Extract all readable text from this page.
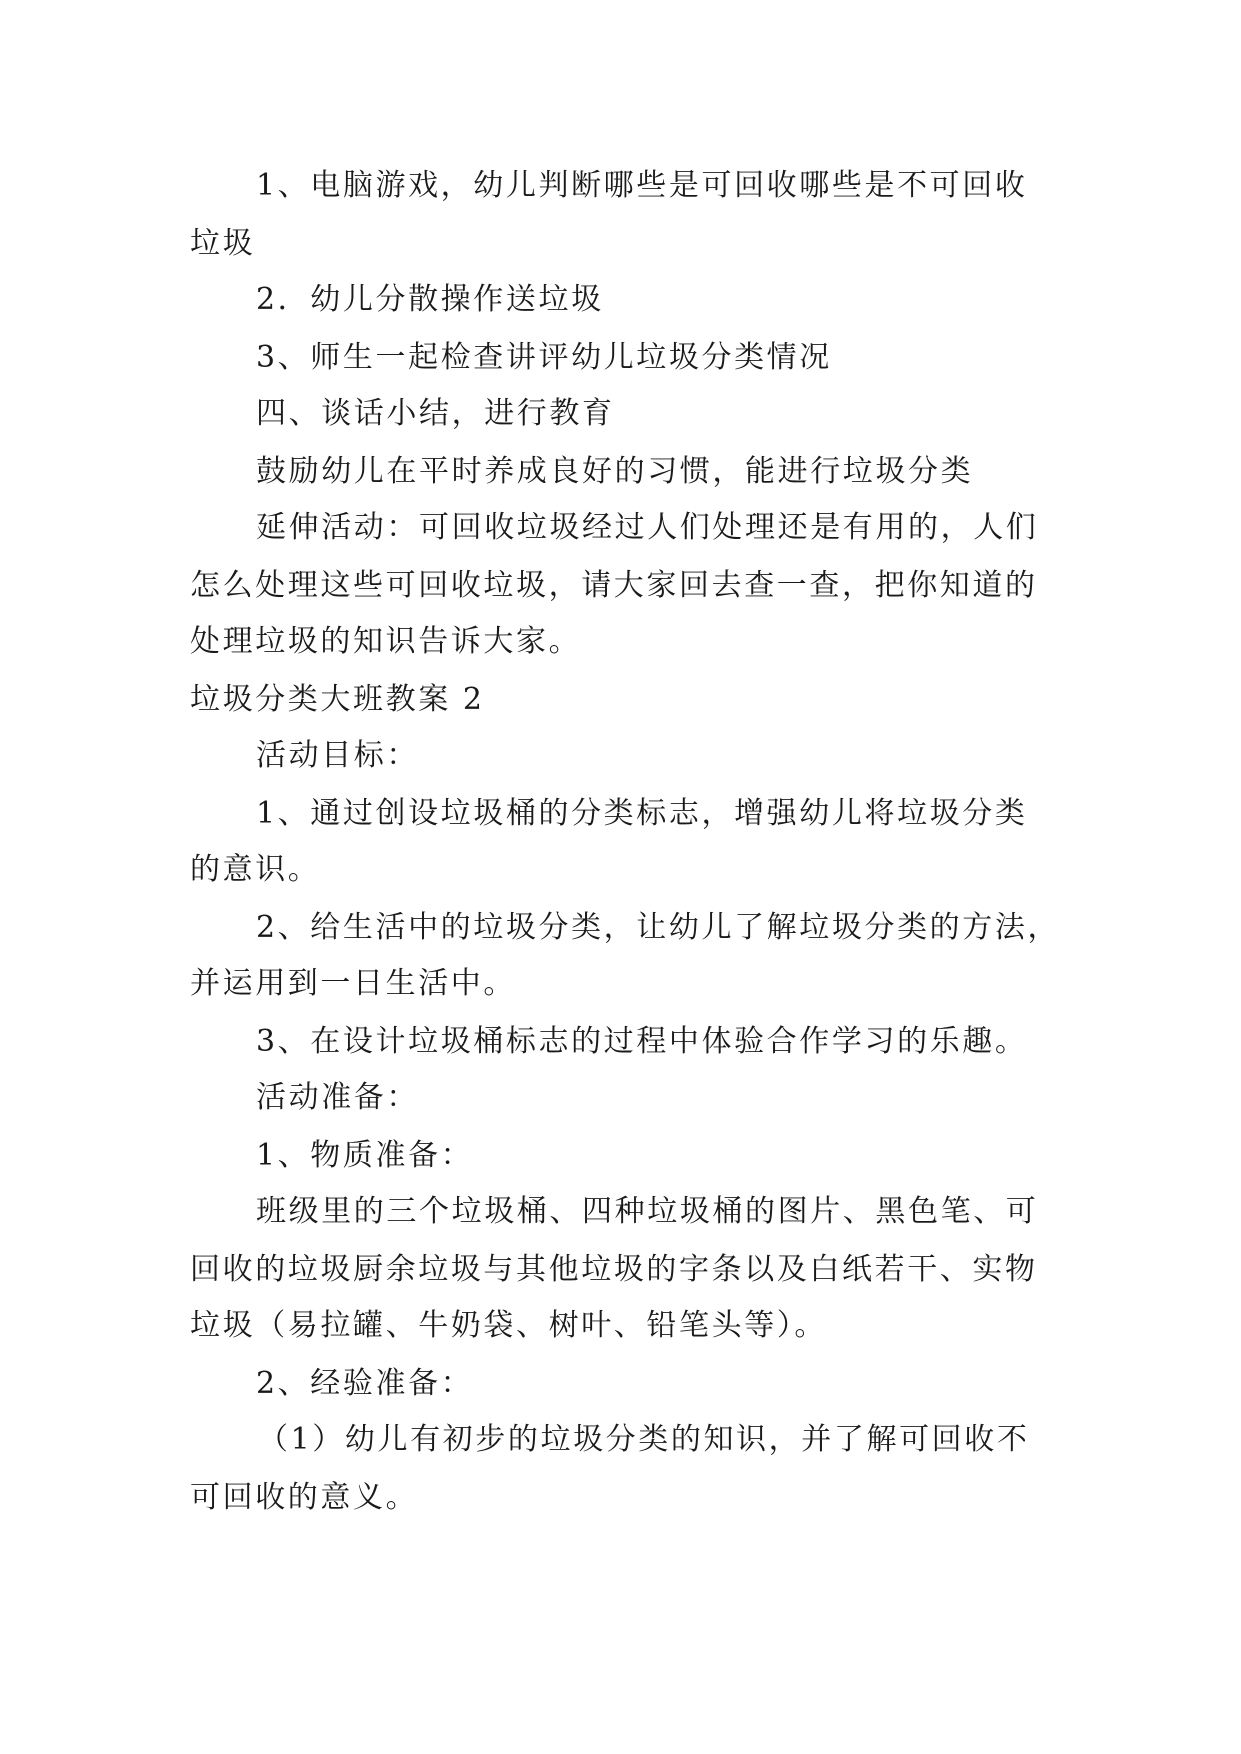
1、电脑游戏，幼儿判断哪些是可回收哪些是不可回收
垃圾
2．幼儿分散操作送垃圾
3、师生一起检查讲评幼儿垃圾分类情况
四、谈话小结，进行教育
鼓励幼儿在平时养成良好的习惯，能进行垃圾分类
延伸活动：可回收垃圾经过人们处理还是有用的，人们
怎么处理这些可回收垃圾，请大家回去查一查，把你知道的
处理垃圾的知识告诉大家。
垃圾分类大班教案 2
活动目标：
1、通过创设垃圾桶的分类标志，增强幼儿将垃圾分类
的意识。
2、给生活中的垃圾分类，让幼儿了解垃圾分类的方法，
并运用到一日生活中。
3、在设计垃圾桶标志的过程中体验合作学习的乐趣。
活动准备：
1、物质准备：
班级里的三个垃圾桶、四种垃圾桶的图片、黑色笔、可
回收的垃圾厨余垃圾与其他垃圾的字条以及白纸若干、实物
垃圾（易拉罐、牛奶袋、树叶、铅笔头等）。
2、经验准备：
（1）幼儿有初步的垃圾分类的知识，并了解可回收不
可回收的意义。
